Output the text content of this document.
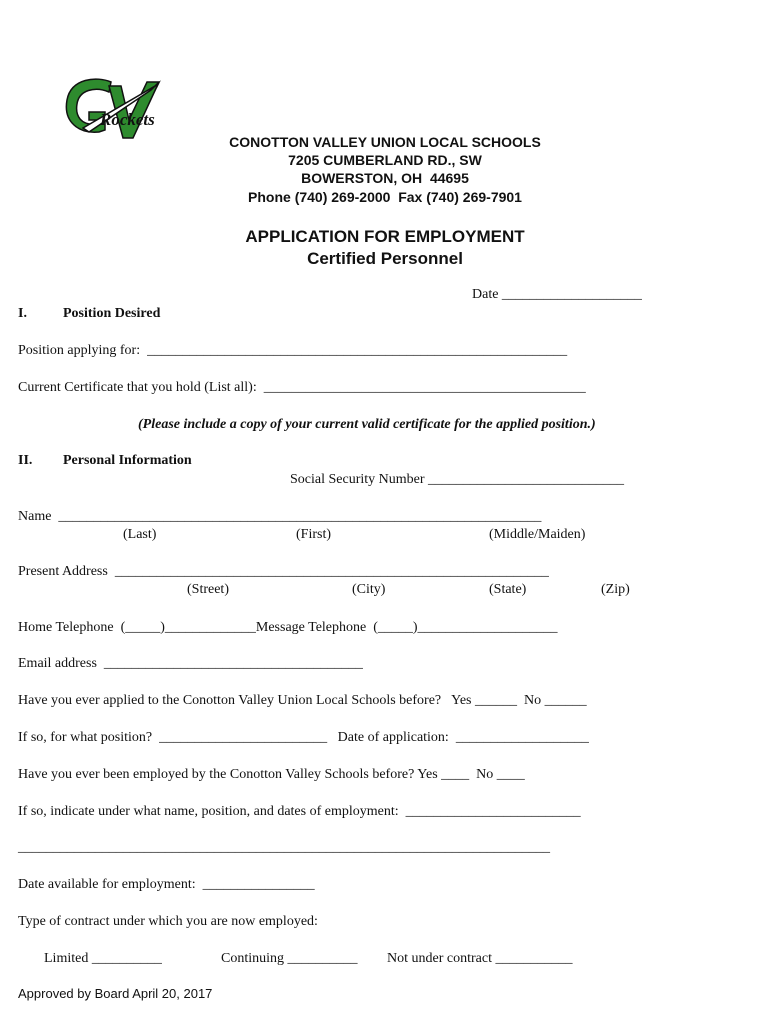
Rockets

CONOTTON VALLEY UNION LOCAL SCHOOLS
7205 CUMBERLAND RD., SW
BOWERSTON, OH  44695
Phone (740) 269-2000  Fax (740) 269-7901
APPLICATION FOR EMPLOYMENT
Certified Personnel
Date ____________________
I.	Position Desired
Position applying for:  ____________________________________________________________
Current Certificate that you hold (List all):  ______________________________________________
(Please include a copy of your current valid certificate for the applied position.)
II. Personal Information
Social Security Number ____________________________
Name  _____________________________________________________________________
(Last)	(First)	(Middle/Maiden)
Present Address  ______________________________________________________________
(Street)	(City)	(State)	(Zip)
Home Telephone  (_____)_____________Message Telephone  (_____)____________________
Email address  _____________________________________
Have you ever applied to the Conotton Valley Union Local Schools before?   Yes ______  No ______
If so, for what position?  ________________________   Date of application:  ___________________
Have you ever been employed by the Conotton Valley Schools before? Yes ____  No ____
If so, indicate under what name, position, and dates of employment:  _________________________
____________________________________________________________________________
Date available for employment:  ________________
Type of contract under which you are now employed:
Limited __________	Continuing __________ Not under contract ___________
Approved by Board April 20, 2017
